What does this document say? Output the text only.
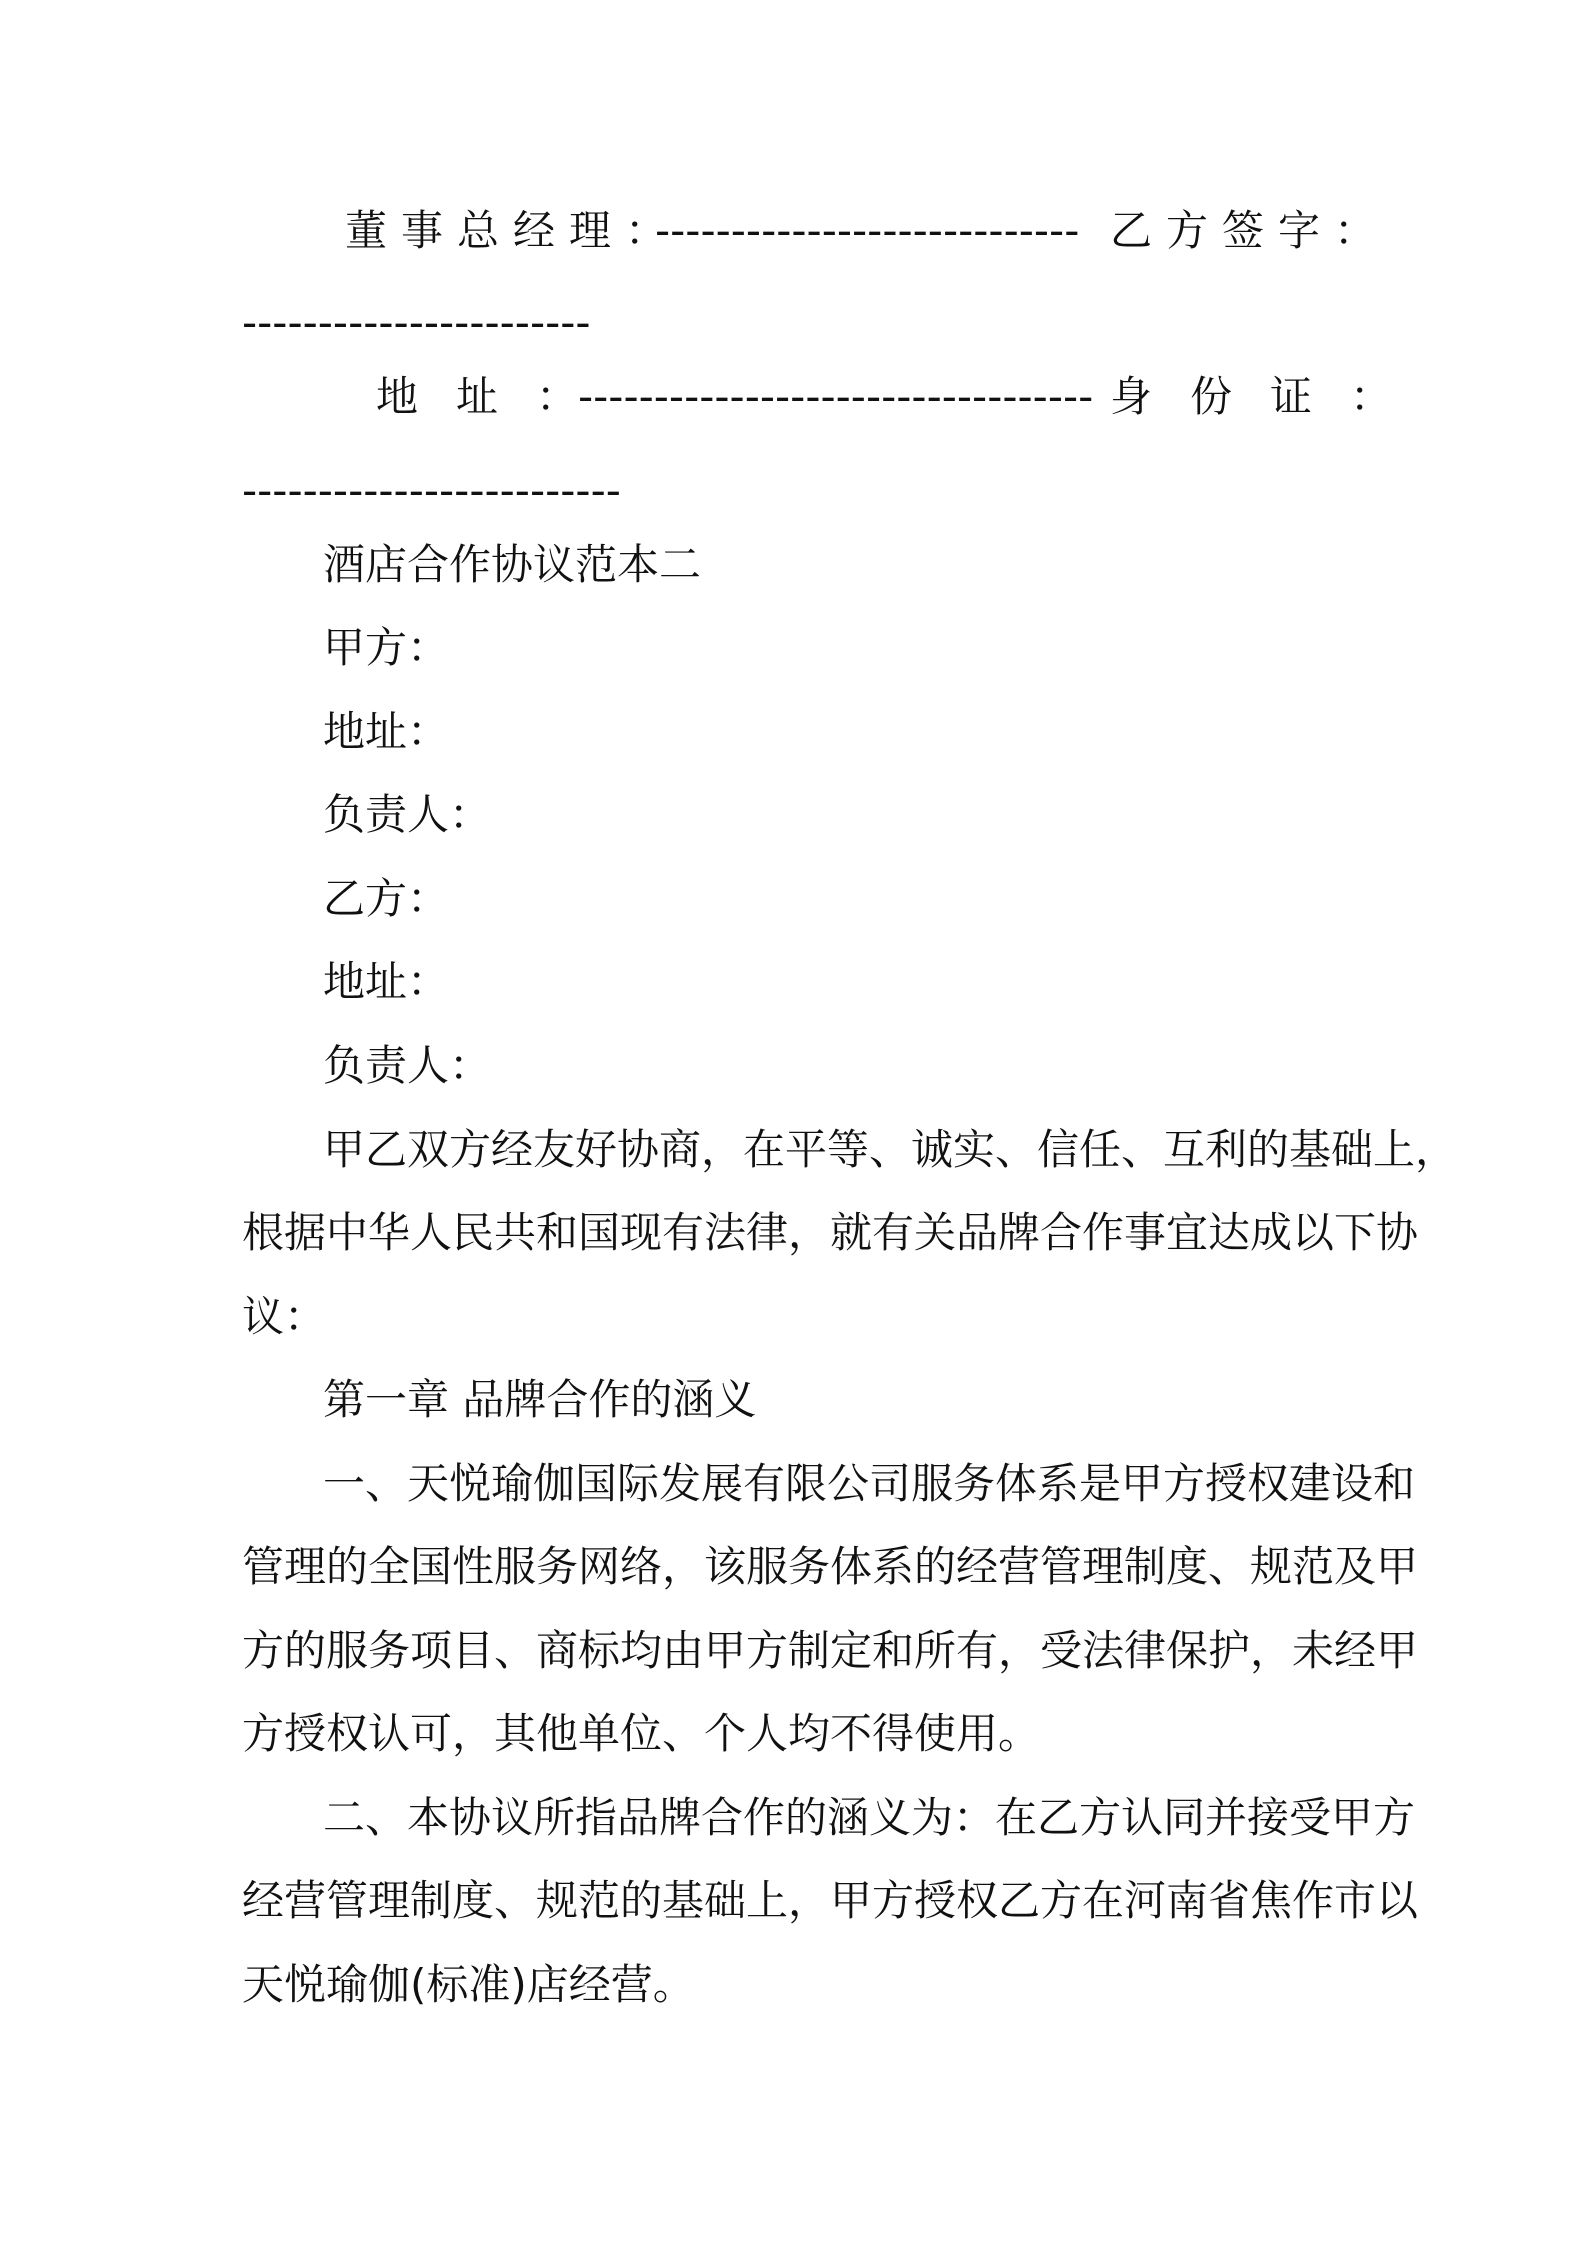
董事总经理：
---------------------------- 乙方签字：
-----------------------
地址：
---------------------------------- 身份证：
-------------------------
酒店合作协议范本二
甲方：
地址：
负责人：
乙方：
地址：
负责人：
甲乙双方经友好协商，在平等、诚实、信任、互利的基础上，
根据中华人民共和国现有法律，就有关品牌合作事宜达成以下协
议：
第一章 品牌合作的涵义
一、天悦瑜伽国际发展有限公司服务体系是甲方授权建设和
管理的全国性服务网络，该服务体系的经营管理制度、规范及甲
方的服务项目、商标均由甲方制定和所有，受法律保护，未经甲
方授权认可，其他单位、个人均不得使用。
二、本协议所指品牌合作的涵义为：在乙方认同并接受甲方
经营管理制度、规范的基础上，甲方授权乙方在河南省焦作市以
天悦瑜伽(标准)店经营。
